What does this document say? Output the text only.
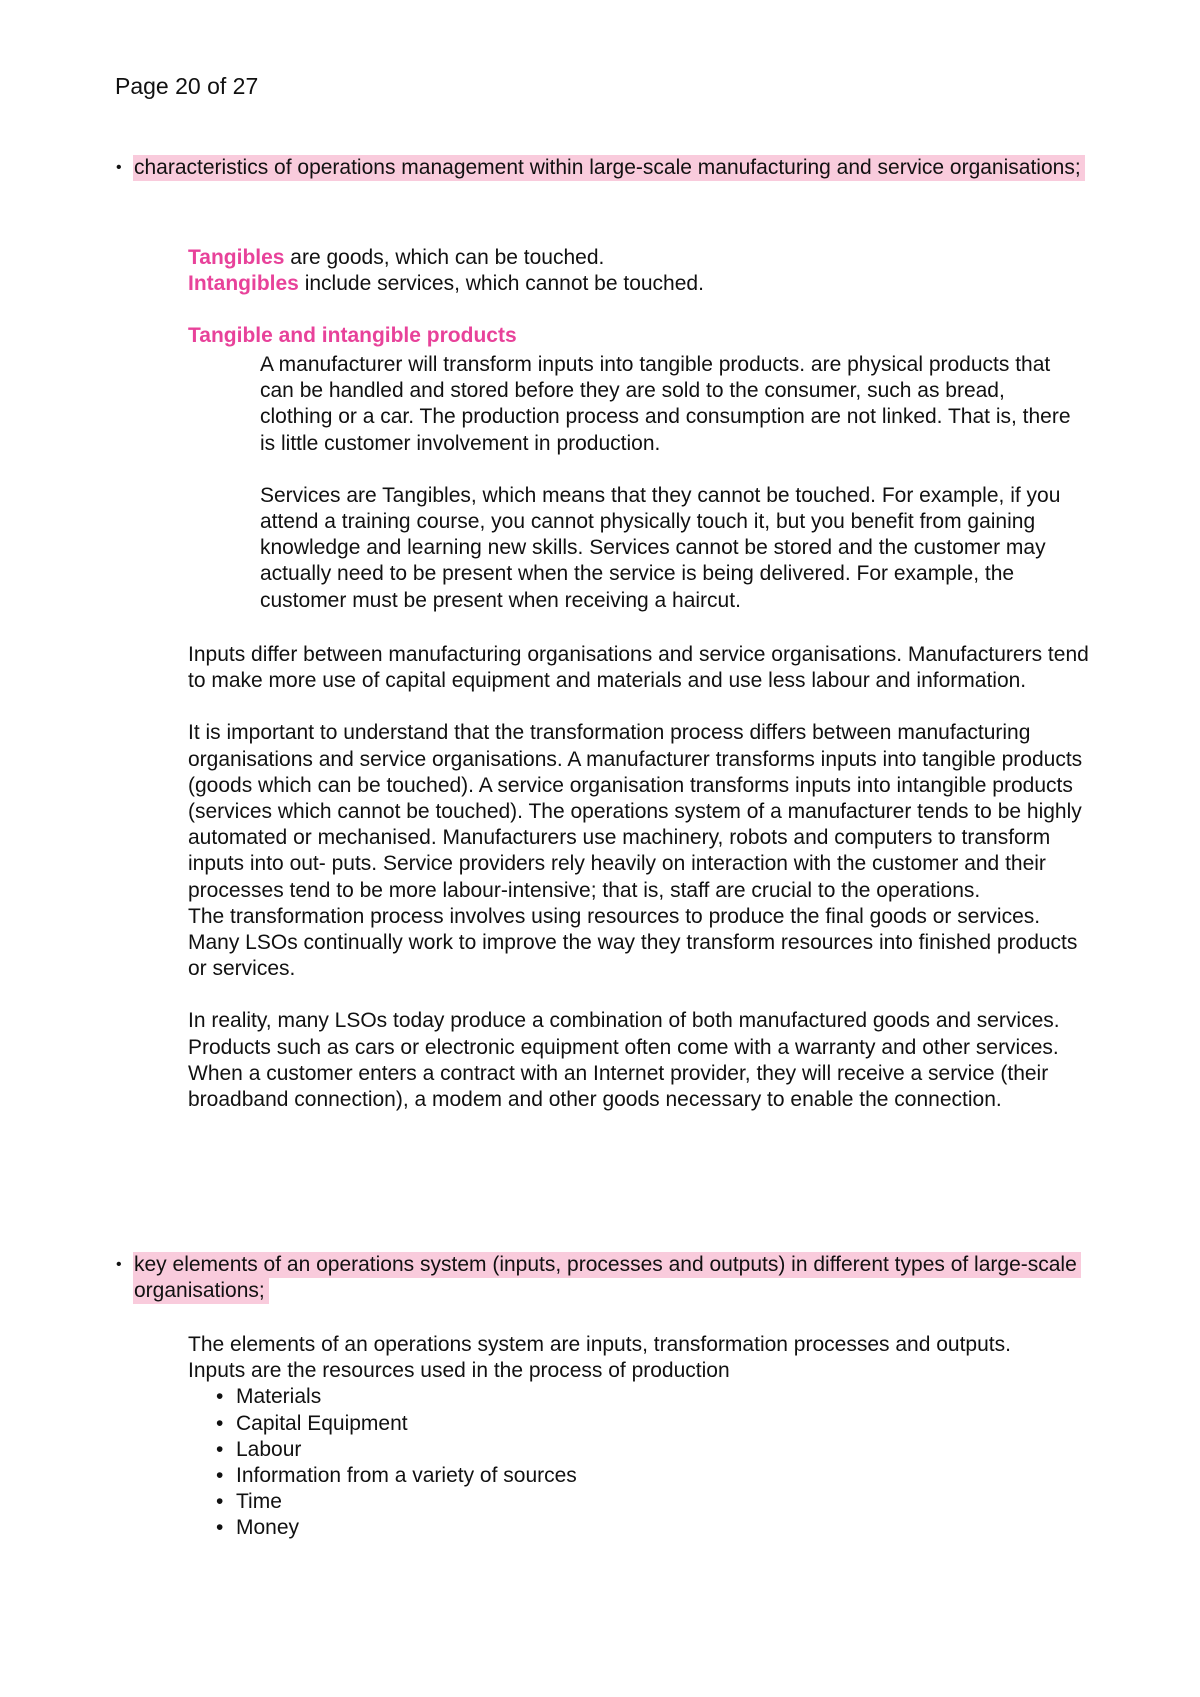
Page 20 of 27
• characteristics of operations management within large-scale manufacturing and service organisations;

Tangibles are goods, which can be touched.

Intangibles include services, which cannot be touched.

Tangible and intangible products

A manufacturer will transform inputs into tangible products. are physical products that can be handled and stored before they are sold to the consumer, such as bread, clothing or a car. The production process and consumption are not linked. That is, there is little customer involvement in production.

Services are Tangibles, which means that they cannot be touched. For example, if you attend a training course, you cannot physically touch it, but you benefit from gaining knowledge and learning new skills. Services cannot be stored and the customer may actually need to be present when the service is being delivered. For example, the customer must be present when receiving a haircut.

Inputs differ between manufacturing organisations and service organisations. Manufacturers tend to make more use of capital equipment and materials and use less labour and information.

It is important to understand that the transformation process differs between manufacturing organisations and service organisations. A manufacturer transforms inputs into tangible products (goods which can be touched). A service organisation transforms inputs into intangible products (services which cannot be touched). The operations system of a manufacturer tends to be highly automated or mechanised. Manufacturers use machinery, robots and computers to transform inputs into out- puts. Service providers rely heavily on interaction with the customer and their processes tend to be more labour-intensive; that is, staff are crucial to the operations.

The transformation process involves using resources to produce the final goods or services. Many LSOs continually work to improve the way they transform resources into finished products or services.

In reality, many LSOs today produce a combination of both manufactured goods and services. Products such as cars or electronic equipment often come with a warranty and other services. When a customer enters a contract with an Internet provider, they will receive a service (their broadband connection), a modem and other goods necessary to enable the connection.

• key elements of an operations system (inputs, processes and outputs) in different types of large-scale organisations;

The elements of an operations system are inputs, transformation processes and outputs.

Inputs are the resources used in the process of production

• Materials
• Capital Equipment
• Labour
• Information from a variety of sources
• Time
• Money
